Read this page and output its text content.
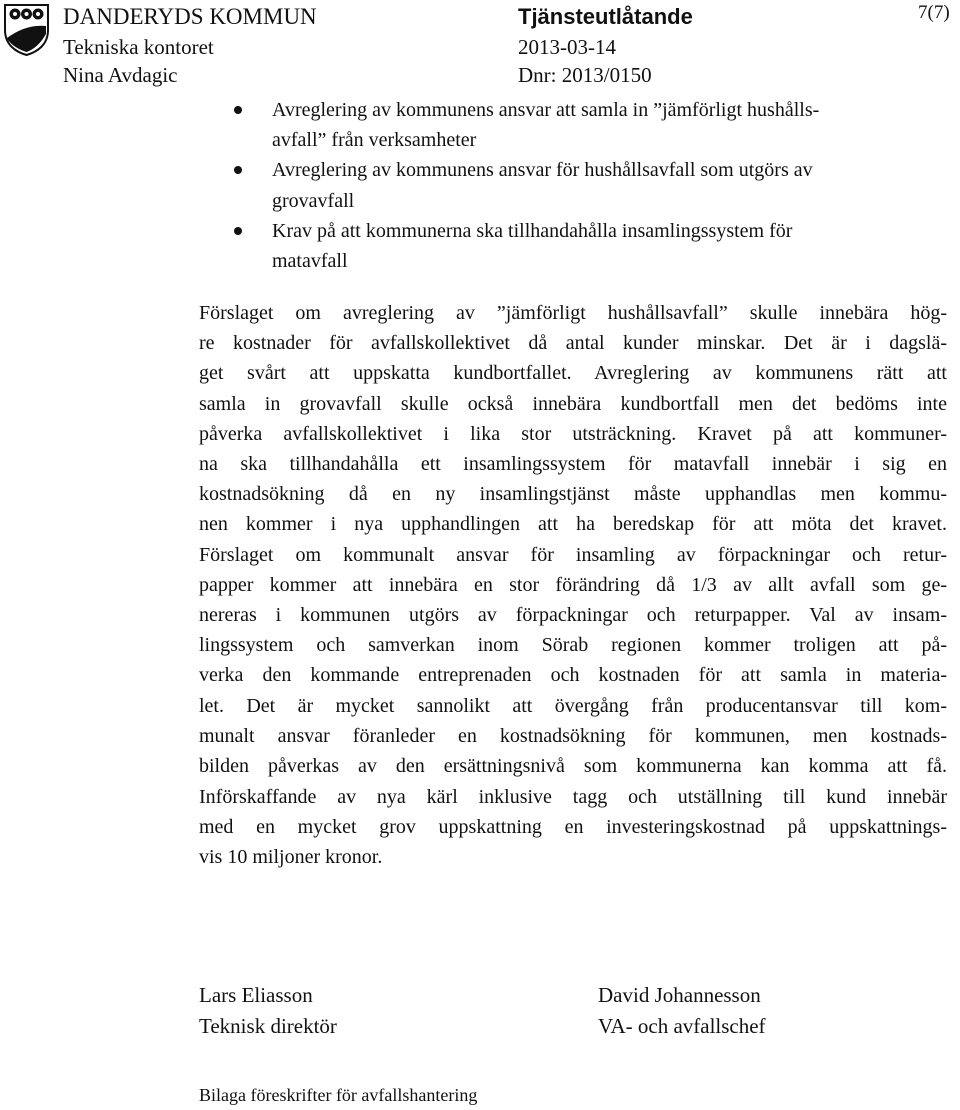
DANDERYDS KOMMUN
Tekniska kontoret
Nina Avdagic
Tjänsteutlåtande
2013-03-14
Dnr: 2013/0150
7(7)
Avreglering av kommunens ansvar att samla in ”jämförligt hushålls-
avfall” från verksamheter
Avreglering av kommunens ansvar för hushållsavfall som utgörs av
grovavfall
Krav på att kommunerna ska tillhandahålla insamlingssystem för
matavfall
Förslaget om avreglering av ”jämförligt hushållsavfall” skulle innebära hög-
re kostnader för avfallskollektivet då antal kunder minskar. Det är i dagslä-
get svårt att uppskatta kundbortfallet. Avreglering av kommunens rätt att
samla in grovavfall skulle också innebära kundbortfall men det bedöms inte
påverka avfallskollektivet i lika stor utsträckning. Kravet på att kommuner-
na ska tillhandahålla ett insamlingssystem för matavfall innebär i sig en
kostnadsökning då en ny insamlingstjänst måste upphandlas men kommu-
nen kommer i nya upphandlingen att ha beredskap för att möta det kravet.
Förslaget om kommunalt ansvar för insamling av förpackningar och retur-
papper kommer att innebära en stor förändring då 1/3 av allt avfall som ge-
nereras i kommunen utgörs av förpackningar och returpapper. Val av insam-
lingssystem och samverkan inom Sörab regionen kommer troligen att på-
verka den kommande entreprenaden och kostnaden för att samla in materia-
let. Det är mycket sannolikt att övergång från producentansvar till kom-
munalt ansvar föranleder en kostnadsökning för kommunen, men kostnads-
bilden påverkas av den ersättningsnivå som kommunerna kan komma att få.
Införskaffande av nya kärl inklusive tagg och utställning till kund innebär
med en mycket grov uppskattning en investeringskostnad på uppskattnings-
vis 10 miljoner kronor.
Lars Eliasson
Teknisk direktör
David Johannesson
VA- och avfallschef
Bilaga föreskrifter för avfallshantering
